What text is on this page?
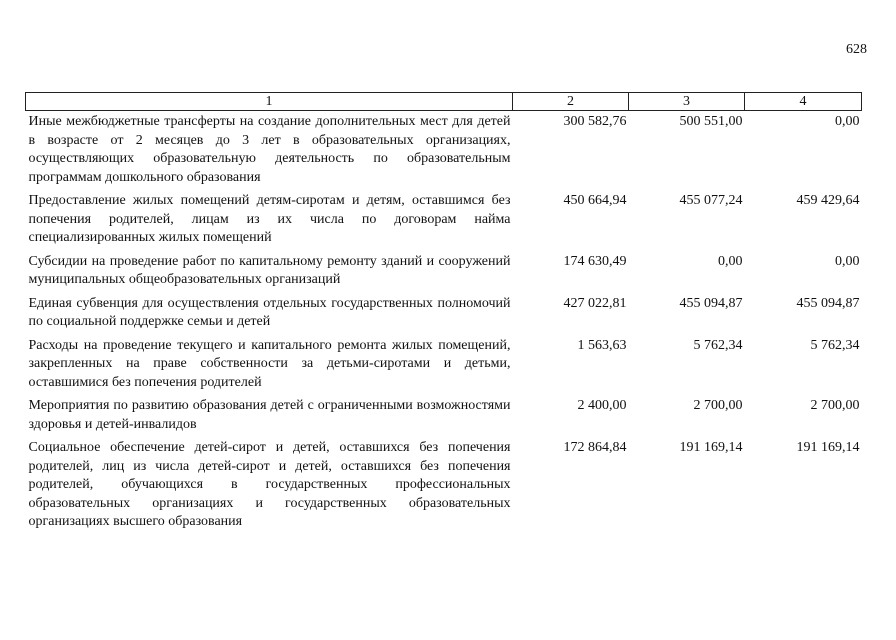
628
1	2	3	4
Иные межбюджетные трансферты на создание дополнительных мест для детей в возрасте от 2 месяцев до 3 лет в образовательных организациях, осуществляющих образовательную деятельность по образовательным программам дошкольного образования	300 582,76	500 551,00	0,00
Предоставление жилых помещений детям-сиротам и детям, оставшимся без попечения родителей, лицам из их числа по договорам найма специализированных жилых помещений	450 664,94	455 077,24	459 429,64
Субсидии на проведение работ по капитальному ремонту зданий и сооружений муниципальных общеобразовательных организаций	174 630,49	0,00	0,00
Единая субвенция для осуществления отдельных государственных полномочий по социальной поддержке семьи и детей	427 022,81	455 094,87	455 094,87
Расходы на проведение текущего и капитального ремонта жилых помещений, закрепленных на праве собственности за детьми-сиротами и детьми, оставшимися без попечения родителей	1 563,63	5 762,34	5 762,34
Мероприятия по развитию образования детей с ограниченными возможностями здоровья и детей-инвалидов	2 400,00	2 700,00	2 700,00
Социальное обеспечение детей-сирот и детей, оставшихся без попечения родителей, лиц из числа детей-сирот и детей, оставшихся без попечения родителей, обучающихся в государственных профессиональных образовательных организациях и государственных образовательных организациях высшего образования	172 864,84	191 169,14	191 169,14
